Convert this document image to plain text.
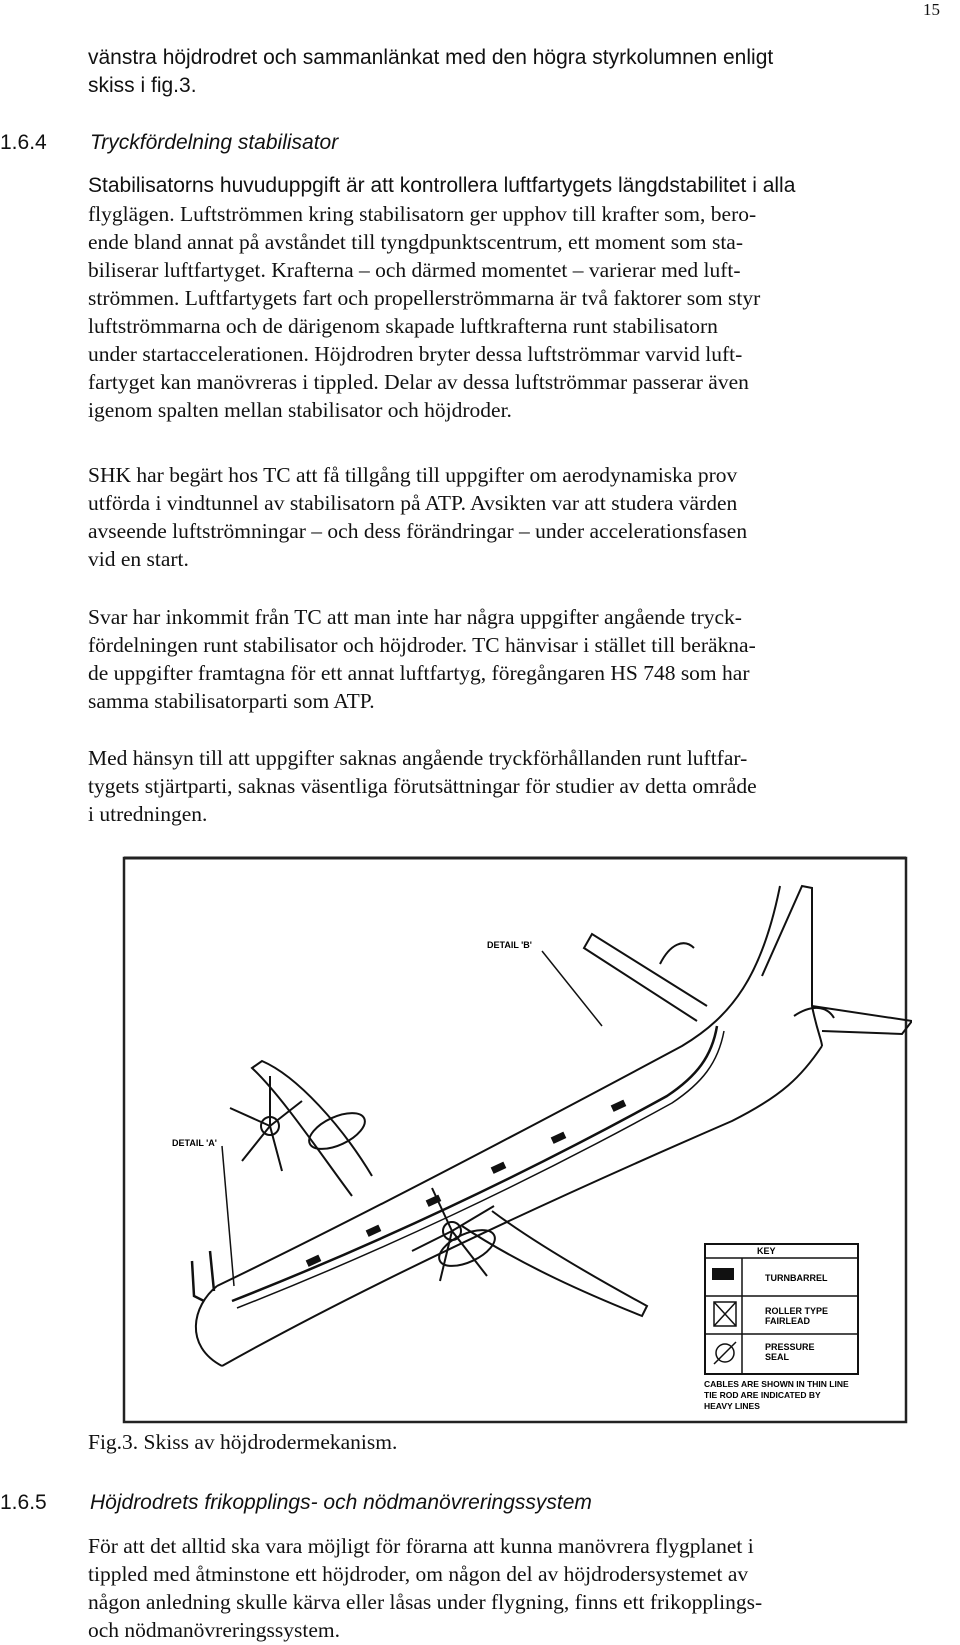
15
vänstra höjdrodret och sammanlänkat med den högra styrkolumnen enligt
skiss i fig.3.
1.6.4 Tryckfördelning stabilisator
Stabilisatorns huvuduppgift är att kontrollera luftfartygets längdstabilitet i alla
flyglägen. Luftströmmen kring stabilisatorn ger upphov till krafter som, bero-
ende bland annat på avståndet till tyngdpunktscentrum, ett moment som sta-
biliserar luftfartyget. Krafterna – och därmed momentet – varierar med luft-
strömmen. Luftfartygets fart och propellerströmmarna är två faktorer som styr
luftströmmarna och de därigenom skapade luftkrafterna runt stabilisatorn
under startaccelerationen. Höjdrodren bryter dessa luftströmmar varvid luft-
fartyget kan manövreras i tippled. Delar av dessa luftströmmar passerar även
igenom spalten mellan stabilisator och höjdroder.
SHK har begärt hos TC att få tillgång till uppgifter om aerodynamiska prov
utförda i vindtunnel av stabilisatorn på ATP. Avsikten var att studera värden
avseende luftströmningar – och dess förändringar – under accelerationsfasen
vid en start.
Svar har inkommit från TC att man inte har några uppgifter angående tryck-
fördelningen runt stabilisator och höjdroder. TC hänvisar i stället till beräkna-
de uppgifter framtagna för ett annat luftfartyg, föregångaren HS 748 som har
samma stabilisatorparti som ATP.
Med hänsyn till att uppgifter saknas angående tryckförhållanden runt luftfar-
tygets stjärtparti, saknas väsentliga förutsättningar för studier av detta område
i utredningen.
DETAIL 'A'
DETAIL 'B'
KEY
TURNBARREL
ROLLER TYPE
FAIRLEAD
PRESSURE
SEAL
CABLES ARE SHOWN IN THIN LINE
TIE ROD ARE INDICATED BY
HEAVY LINES
Fig.3. Skiss av höjdrodermekanism.
1.6.5 Höjdrodrets frikopplings- och nödmanövreringssystem
För att det alltid ska vara möjligt för förarna att kunna manövrera flygplanet i
tippled med åtminstone ett höjdroder, om någon del av höjdrodersystemet av
någon anledning skulle kärva eller låsas under flygning, finns ett frikopplings-
och nödmanövreringssystem.
